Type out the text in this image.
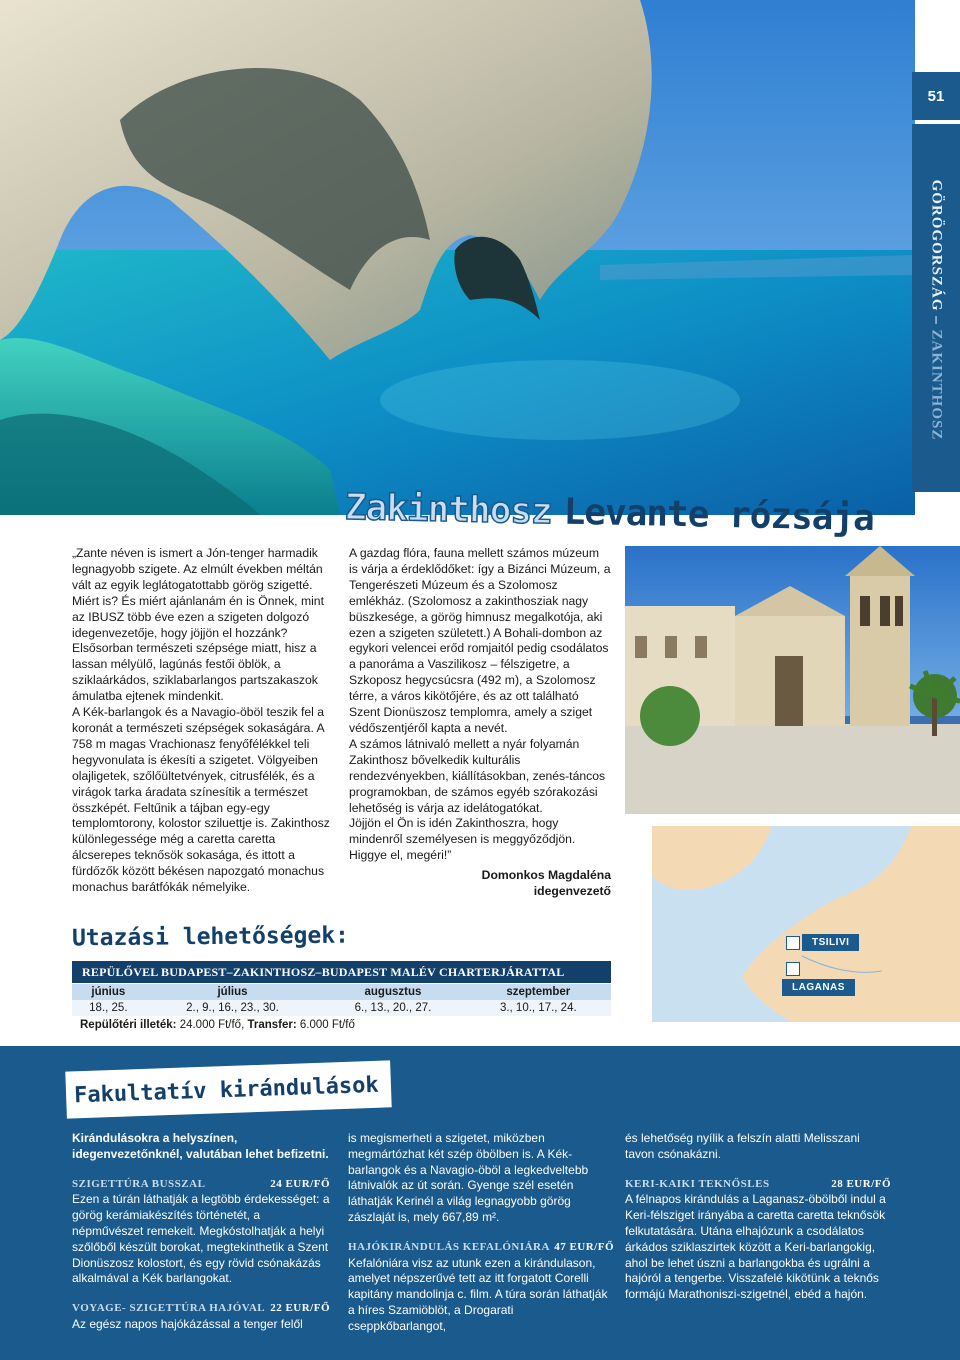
51
GÖRÖGORSZÁG – ZAKINTHOSZ
Zakinthosz Levante rózsája

„Zante néven is ismert a Jón-tenger harmadik legnagyobb szigete. Az elmúlt években méltán vált az egyik leglátogatottabb görög szigetté. Miért is? És miért ajánlanám én is Önnek, mint az IBUSZ több éve ezen a szigeten dolgozó idegenvezetője, hogy jöjjön el hozzánk? Elsősorban természeti szépsége miatt, hisz a lassan mélyülő, lagúnás festői öblök, a sziklaárkádos, sziklabarlangos partszakaszok ámulatba ejtenek mindenkit.

A Kék-barlangok és a Navagio-öböl teszik fel a koronát a természeti szépségek sokaságára. A 758 m magas Vrachionasz fenyőfélékkel teli hegyvonulata is ékesíti a szigetet. Völgyeiben olajligetek, szőlőültetvények, citrusfélék, és a virágok tarka áradata színesítik a természet összképét. Feltűnik a tájban egy-egy templomtorony, kolostor sziluettje is. Zakinthosz különlegessége még a caretta caretta álcserepes teknősök sokasága, és ittott a fürdőzők között békésen napozgató monachus monachus barátfókák némelyike.

A gazdag flóra, fauna mellett számos múzeum is várja a érdeklődőket: így a Bizánci Múzeum, a Tengerészeti Múzeum és a Szolomosz emlékház. (Szolomosz a zakinthosziak nagy büszkesége, a görög himnusz megalkotója, aki ezen a szigeten született.) A Bohali-dombon az egykori velencei erőd romjaitól pedig csodálatos a panoráma a Vaszilikosz – félszigetre, a Szkoposz hegycsúcsra (492 m), a Szolomosz térre, a város kikötőjére, és az ott található Szent Dionüszosz templomra, amely a sziget védőszentjéről kapta a nevét.

A számos látnivaló mellett a nyár folyamán Zakinthosz bővelkedik kulturális rendezvényekben, kiállításokban, zenés-táncos programokban, de számos egyéb szórakozási lehetőség is várja az idelátogatókat.

Jöjjön el Ön is idén Zakinthoszra, hogy mindenről személyesen is meggyőződjön. Higgye el, megéri!”

Domonkos Magdaléna

idegenvezető

TSILIVI
LAGANAS
Utazási lehetőségek:
REPÜLŐVEL BUDAPEST–ZAKINTHOSZ–BUDAPEST MALÉV CHARTERJÁRATTAL
június	július	augusztus	szeptember
18., 25.	2., 9., 16., 23., 30.	6., 13., 20., 27.	3., 10., 17., 24.
Repülőtéri illeték: 24.000 Ft/fő, Transfer: 6.000 Ft/fő
Fakultatív kirándulások

Kirándulásokra a helyszínen, idegenvezetőnknél, valutában lehet befizetni.

SZIGETTÚRA BUSSZAL	24 EUR/FŐ

Ezen a túrán láthatják a legtöbb érdekességet: a görög kerámiakészítés történetét, a népművészet remekeit. Megkóstolhatják a helyi szőlőből készült borokat, megtekinthetik a Szent Dionüszosz kolostort, és egy rövid csónakázás alkalmával a Kék barlangokat.

VOYAGE- SZIGETTÚRA HAJÓVAL 22 EUR/FŐ

Az egész napos hajókázással a tenger felől

is megismerheti a szigetet, miközben megmártózhat két szép öbölben is. A Kék-barlangok és a Navagio-öböl a legkedveltebb látnivalók az út során. Gyenge szél esetén láthatják Kerinél a világ legnagyobb görög zászlaját is, mely 667,89 m².

HAJÓKIRÁNDULÁS KEFALÓNIÁRA 47 EUR/FŐ

Kefalóniára visz az utunk ezen a kirándulason, amelyet népszerűvé tett az itt forgatott Corelli kapitány mandolinja c. film. A túra során láthatják a híres Szamiöblöt, a Drogarati cseppkőbarlangot,

és lehetőség nyílik a felszín alatti Melisszani tavon csónakázni.

KERI-KAIKI TEKNŐSLES	28 EUR/FŐ

A félnapos kirándulás a Laganasz-öbölből indul a Keri-félsziget irányába a caretta caretta teknősök felkutatására. Utána elhajózunk a csodálatos árkádos sziklaszirtek között a Keri-barlangokig, ahol be lehet úszni a barlangokba és ugrálni a hajóról a tengerbe. Visszafelé kikötünk a teknős formájú Marathoniszi-szigetnél, ebéd a hajón.
